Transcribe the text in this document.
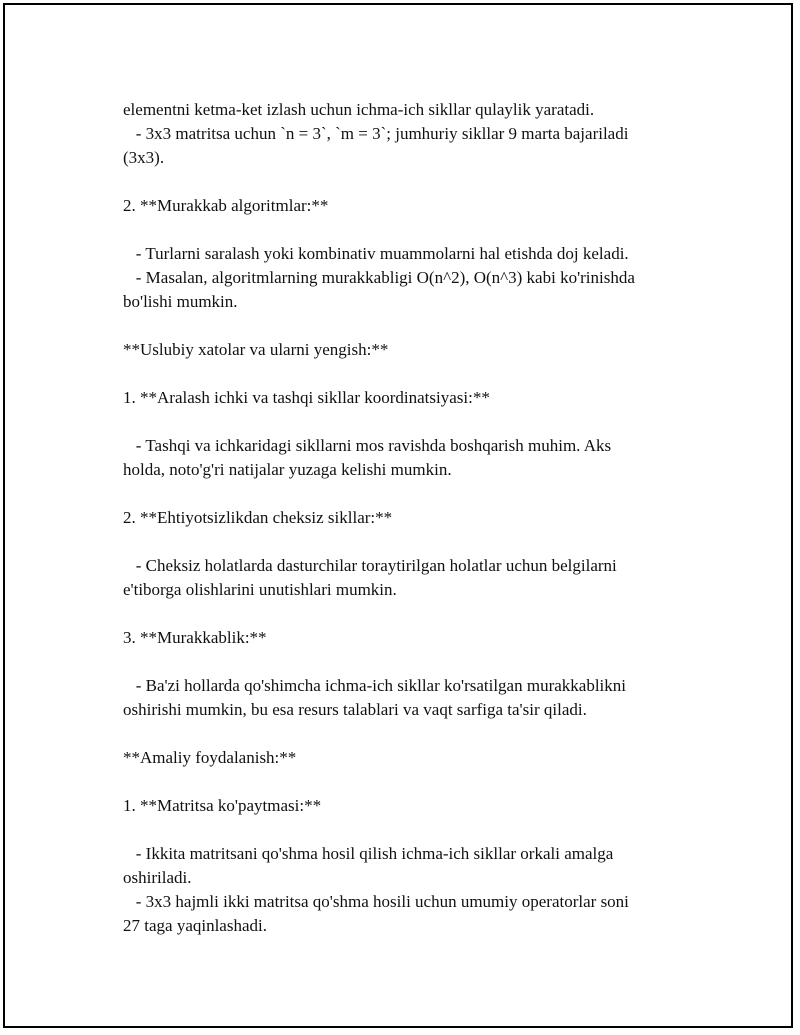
elementni ketma-ket izlash uchun ichma-ich sikllar qulaylik yaratadi.
- 3x3 matritsa uchun `n = 3`, `m = 3`; jumhuriy sikllar 9 marta bajariladi
(3x3).
2. **Murakkab algoritmlar:**
- Turlarni saralash yoki kombinativ muammolarni hal etishda doj keladi.
- Masalan, algoritmlarning murakkabligi O(n^2), O(n^3) kabi ko'rinishda
bo'lishi mumkin.
**Uslubiy xatolar va ularni yengish:**
1. **Aralash ichki va tashqi sikllar koordinatsiyasi:**
- Tashqi va ichkaridagi sikllarni mos ravishda boshqarish muhim. Aks
holda, noto'g'ri natijalar yuzaga kelishi mumkin.
2. **Ehtiyotsizlikdan cheksiz sikllar:**
- Cheksiz holatlarda dasturchilar toraytirilgan holatlar uchun belgilarni
e'tiborga olishlarini unutishlari mumkin.
3. **Murakkablik:**
- Ba'zi hollarda qo'shimcha ichma-ich sikllar ko'rsatilgan murakkablikni
oshirishi mumkin, bu esa resurs talablari va vaqt sarfiga ta'sir qiladi.
**Amaliy foydalanish:**
1. **Matritsa ko'paytmasi:**
- Ikkita matritsani qo'shma hosil qilish ichma-ich sikllar orkali amalga
oshiriladi.
- 3x3 hajmli ikki matritsa qo'shma hosili uchun umumiy operatorlar soni
27 taga yaqinlashadi.
